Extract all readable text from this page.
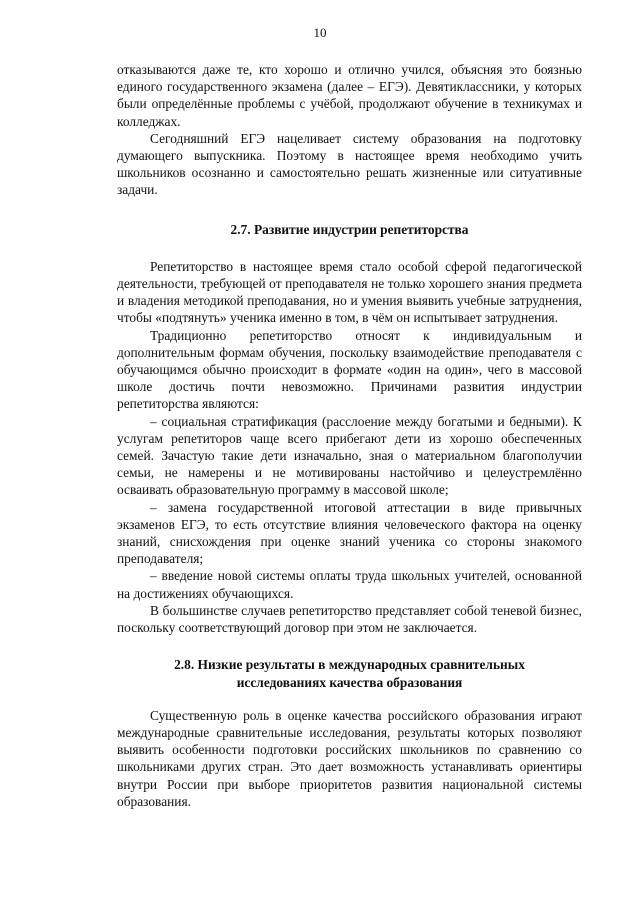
10

отказываются даже те, кто хорошо и отлично учился, объясняя это боязнью единого государственного экзамена (далее – ЕГЭ). Девятиклассники, у которых были определённые проблемы с учёбой, продолжают обучение в техникумах и колледжах.

Сегодняшний ЕГЭ нацеливает систему образования на подготовку думающего выпускника. Поэтому в настоящее время необходимо учить школьников осознанно и самостоятельно решать жизненные или ситуативные задачи.

2.7. Развитие индустрии репетиторства

Репетиторство в настоящее время стало особой сферой педагогической деятельности, требующей от преподавателя не только хорошего знания предмета и владения методикой преподавания, но и умения выявить учебные затруднения, чтобы «подтянуть» ученика именно в том, в чём он испытывает затруднения.

Традиционно репетиторство относят к индивидуальным и дополнительным формам обучения, поскольку взаимодействие преподавателя с обучающимся обычно происходит в формате «один на один», чего в массовой школе достичь почти невозможно. Причинами развития индустрии репетиторства являются:

– социальная стратификация (расслоение между богатыми и бедными). К услугам репетиторов чаще всего прибегают дети из хорошо обеспеченных семей. Зачастую такие дети изначально, зная о материальном благополучии семьи, не намерены и не мотивированы настойчиво и целеустремлённо осваивать образовательную программу в массовой школе;

– замена государственной итоговой аттестации в виде привычных экзаменов ЕГЭ, то есть отсутствие влияния человеческого фактора на оценку знаний, снисхождения при оценке знаний ученика со стороны знакомого преподавателя;

– введение новой системы оплаты труда школьных учителей, основанной на достижениях обучающихся.

В большинстве случаев репетиторство представляет собой теневой бизнес, поскольку соответствующий договор при этом не заключается.

2.8. Низкие результаты в международных сравнительных
исследованиях качества образования

Существенную роль в оценке качества российского образования играют международные сравнительные исследования, результаты которых позволяют выявить особенности подготовки российских школьников по сравнению со школьниками других стран. Это дает возможность устанавливать ориентиры внутри России при выборе приоритетов развития национальной системы образования.
